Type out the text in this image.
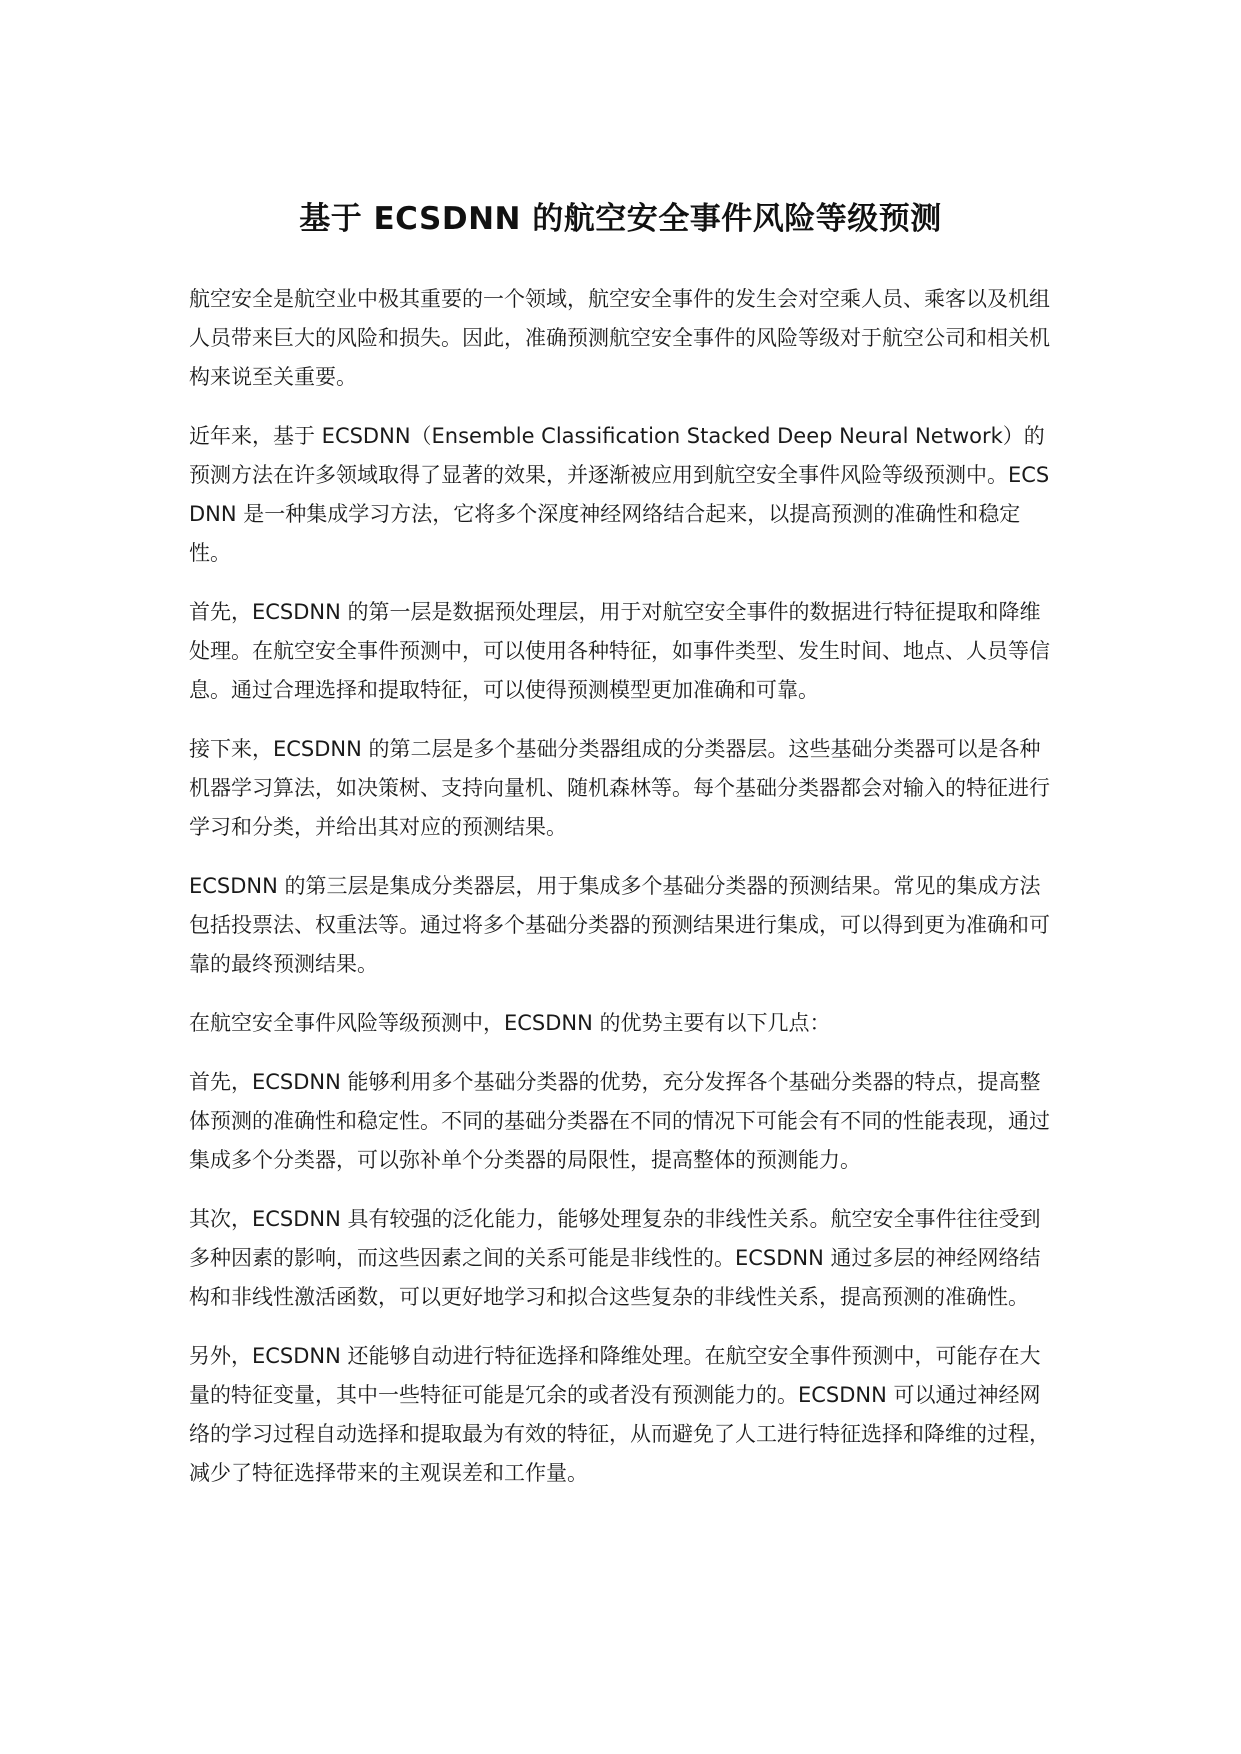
基于 ECSDNN 的航空安全事件风险等级预测

航空安全是航空业中极其重要的一个领域，航空安全事件的发生会对空乘人员、乘客以及机组人员带来巨大的风险和损失。因此，准确预测航空安全事件的风险等级对于航空公司和相关机构来说至关重要。

近年来，基于 ECSDNN（Ensemble Classification Stacked Deep Neural Network）的预测方法在许多领域取得了显著的效果，并逐渐被应用到航空安全事件风险等级预测中。ECSDNN 是一种集成学习方法，它将多个深度神经网络结合起来，以提高预测的准确性和稳定性。

首先，ECSDNN 的第一层是数据预处理层，用于对航空安全事件的数据进行特征提取和降维处理。在航空安全事件预测中，可以使用各种特征，如事件类型、发生时间、地点、人员等信息。通过合理选择和提取特征，可以使得预测模型更加准确和可靠。

接下来，ECSDNN 的第二层是多个基础分类器组成的分类器层。这些基础分类器可以是各种机器学习算法，如决策树、支持向量机、随机森林等。每个基础分类器都会对输入的特征进行学习和分类，并给出其对应的预测结果。

ECSDNN 的第三层是集成分类器层，用于集成多个基础分类器的预测结果。常见的集成方法包括投票法、权重法等。通过将多个基础分类器的预测结果进行集成，可以得到更为准确和可靠的最终预测结果。

在航空安全事件风险等级预测中，ECSDNN 的优势主要有以下几点：

首先，ECSDNN 能够利用多个基础分类器的优势，充分发挥各个基础分类器的特点，提高整体预测的准确性和稳定性。不同的基础分类器在不同的情况下可能会有不同的性能表现，通过集成多个分类器，可以弥补单个分类器的局限性，提高整体的预测能力。

其次，ECSDNN 具有较强的泛化能力，能够处理复杂的非线性关系。航空安全事件往往受到多种因素的影响，而这些因素之间的关系可能是非线性的。ECSDNN 通过多层的神经网络结构和非线性激活函数，可以更好地学习和拟合这些复杂的非线性关系，提高预测的准确性。

另外，ECSDNN 还能够自动进行特征选择和降维处理。在航空安全事件预测中，可能存在大量的特征变量，其中一些特征可能是冗余的或者没有预测能力的。ECSDNN 可以通过神经网络的学习过程自动选择和提取最为有效的特征，从而避免了人工进行特征选择和降维的过程，减少了特征选择带来的主观误差和工作量。
